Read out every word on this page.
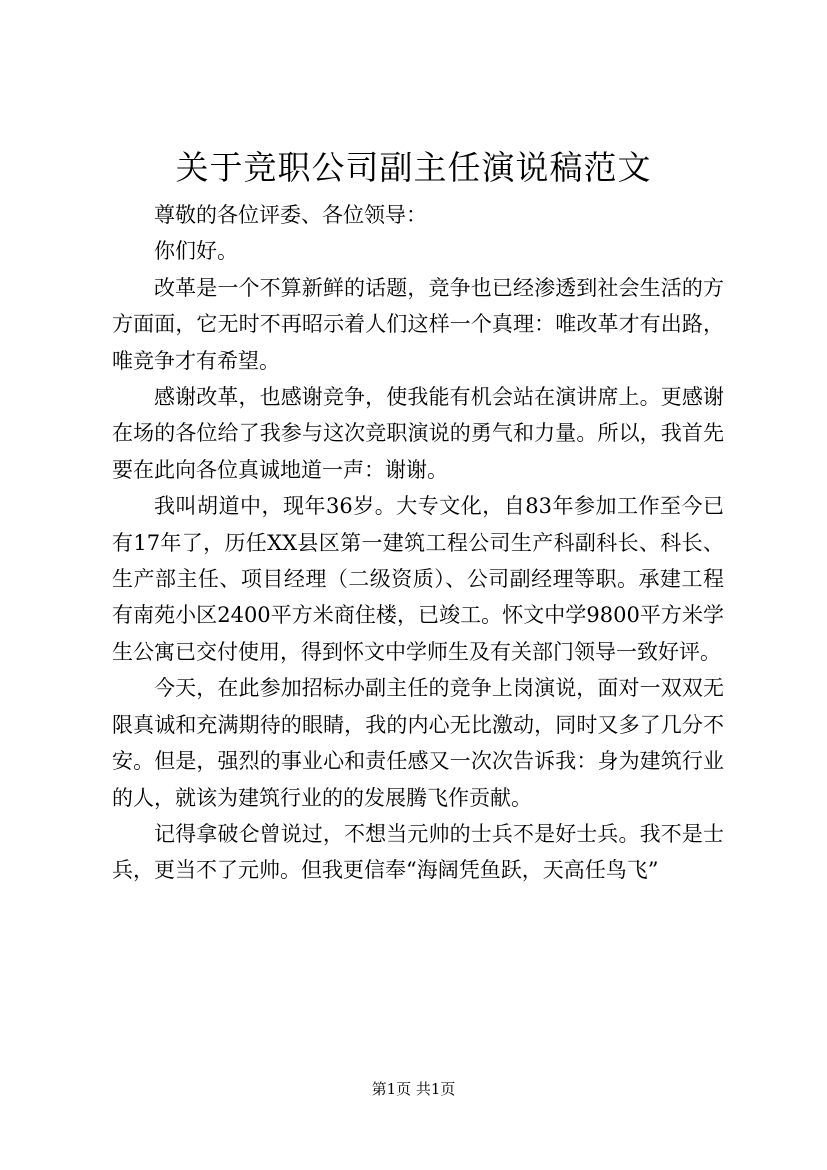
关于竞职公司副主任演说稿范文

尊敬的各位评委、各位领导：

你们好。

改革是一个不算新鲜的话题，竞争也已经渗透到社会生活的方方面面，它无时不再昭示着人们这样一个真理：唯改革才有出路，唯竞争才有希望。

感谢改革，也感谢竞争，使我能有机会站在演讲席上。更感谢在场的各位给了我参与这次竞职演说的勇气和力量。所以，我首先要在此向各位真诚地道一声：谢谢。

我叫胡道中，现年36岁。大专文化，自83年参加工作至今已有17年了，历任XX县区第一建筑工程公司生产科副科长、科长、生产部主任、项目经理（二级资质）、公司副经理等职。承建工程有南苑小区2400平方米商住楼，已竣工。怀文中学9800平方米学生公寓已交付使用，得到怀文中学师生及有关部门领导一致好评。

今天，在此参加招标办副主任的竞争上岗演说，面对一双双无限真诚和充满期待的眼睛，我的内心无比激动，同时又多了几分不安。但是，强烈的事业心和责任感又一次次告诉我：身为建筑行业的人，就该为建筑行业的的发展腾飞作贡献。

记得拿破仑曾说过，不想当元帅的士兵不是好士兵。我不是士兵，更当不了元帅。但我更信奉“海阔凭鱼跃，天高任鸟飞”

第1页 共1页
